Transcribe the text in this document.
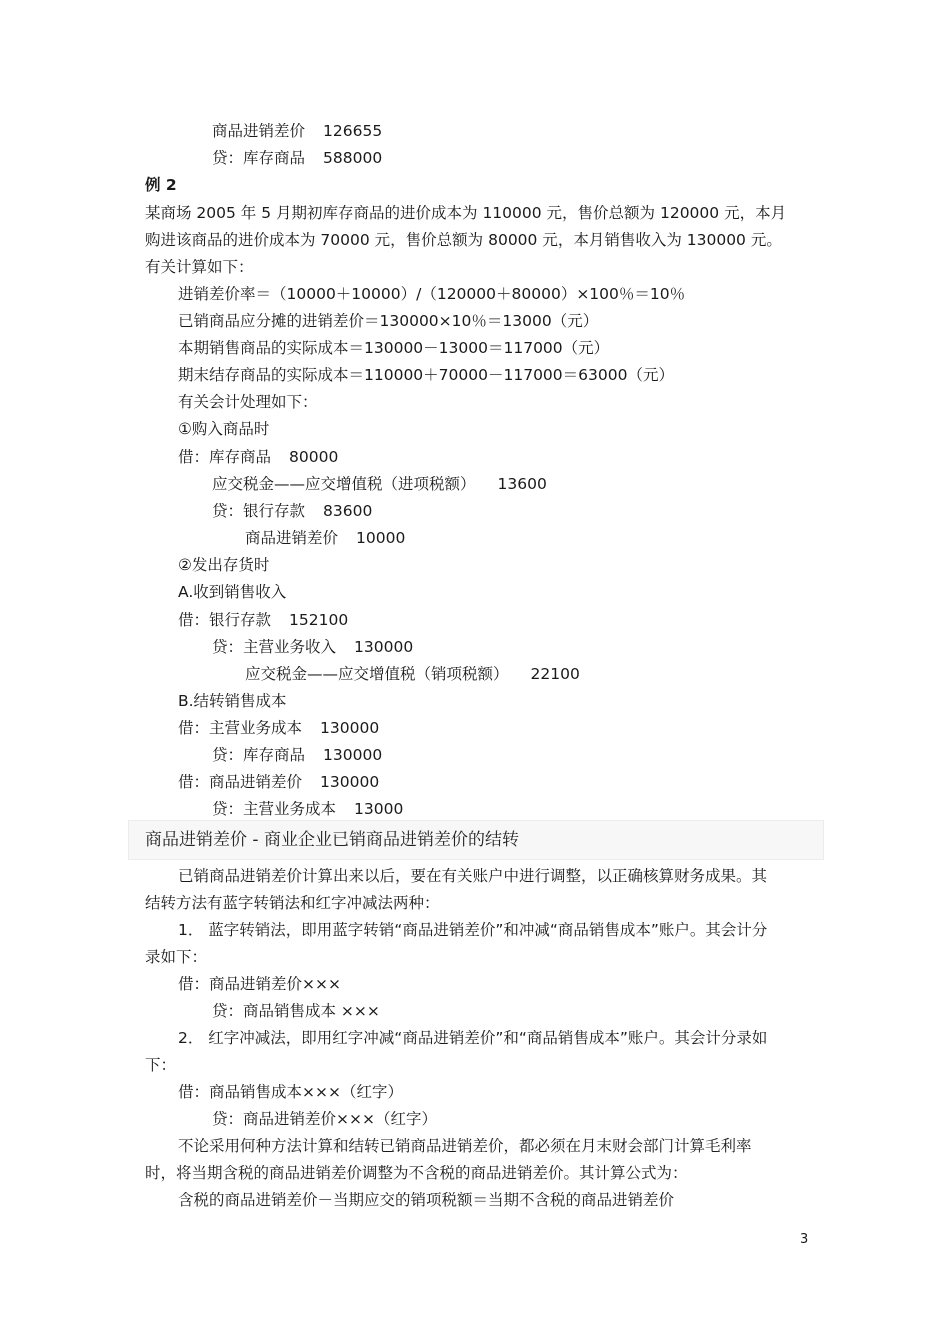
商品进销差价 126655
贷：库存商品 588000
例 2
某商场 2005 年 5 月期初库存商品的进价成本为 110000 元，售价总额为 120000 元，本月
购进该商品的进价成本为 70000 元，售价总额为 80000 元，本月销售收入为 130000 元。
有关计算如下：
进销差价率＝（10000＋10000）/（120000＋80000）×100％＝10％
已销商品应分摊的进销差价＝130000×10％＝13000（元）
本期销售商品的实际成本＝130000－13000＝117000（元）
期末结存商品的实际成本＝110000＋70000－117000＝63000（元）
有关会计处理如下：
①购入商品时
借：库存商品 80000
应交税金——应交增值税（进项税额） 13600
贷：银行存款 83600
商品进销差价 10000
②发出存货时
A.收到销售收入
借：银行存款 152100
贷：主营业务收入 130000
应交税金——应交增值税（销项税额） 22100
B.结转销售成本
借：主营业务成本 130000
贷：库存商品 130000
借：商品进销差价 130000
贷：主营业务成本 13000
商品进销差价 - 商业企业已销商品进销差价的结转
已销商品进销差价计算出来以后，要在有关账户中进行调整，以正确核算财务成果。其
结转方法有蓝字转销法和红字冲减法两种：
1． 蓝字转销法，即用蓝字转销“商品进销差价”和冲减“商品销售成本”账户。其会计分
录如下：
借：商品进销差价×××
贷：商品销售成本 ×××
2． 红字冲减法，即用红字冲减“商品进销差价”和“商品销售成本”账户。其会计分录如
下：
借：商品销售成本×××（红字）
贷：商品进销差价×××（红字）
不论采用何种方法计算和结转已销商品进销差价，都必须在月末财会部门计算毛利率
时，将当期含税的商品进销差价调整为不含税的商品进销差价。其计算公式为：
含税的商品进销差价－当期应交的销项税额＝当期不含税的商品进销差价
3
